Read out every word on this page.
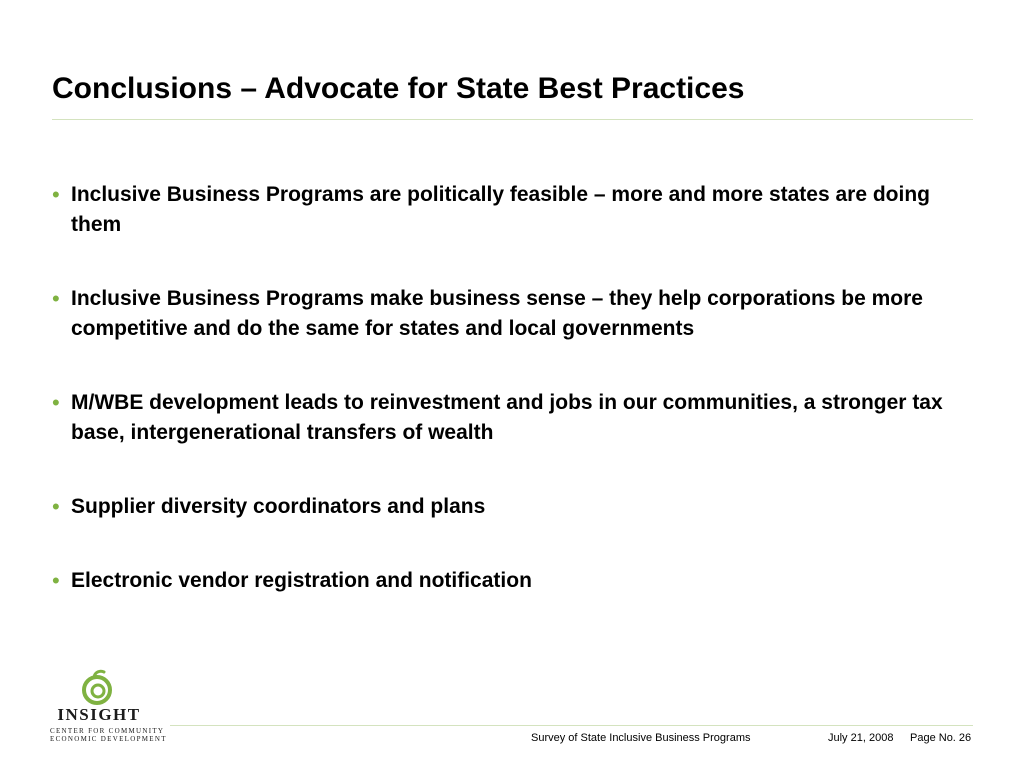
Conclusions – Advocate for State Best Practices
• Inclusive Business Programs are politically feasible – more and more states are doing them
• Inclusive Business Programs make business sense – they help corporations be more competitive and do the same for states and local governments
• M/WBE development leads to reinvestment and jobs in our communities, a stronger tax base, intergenerational transfers of wealth
• Supplier diversity coordinators and plans
• Electronic vendor registration and notification
INSIGHT
CENTER FOR COMMUNITY
ECONOMIC DEVELOPMENT	Survey of State Inclusive Business Programs	July 21, 2008 Page No. 26
